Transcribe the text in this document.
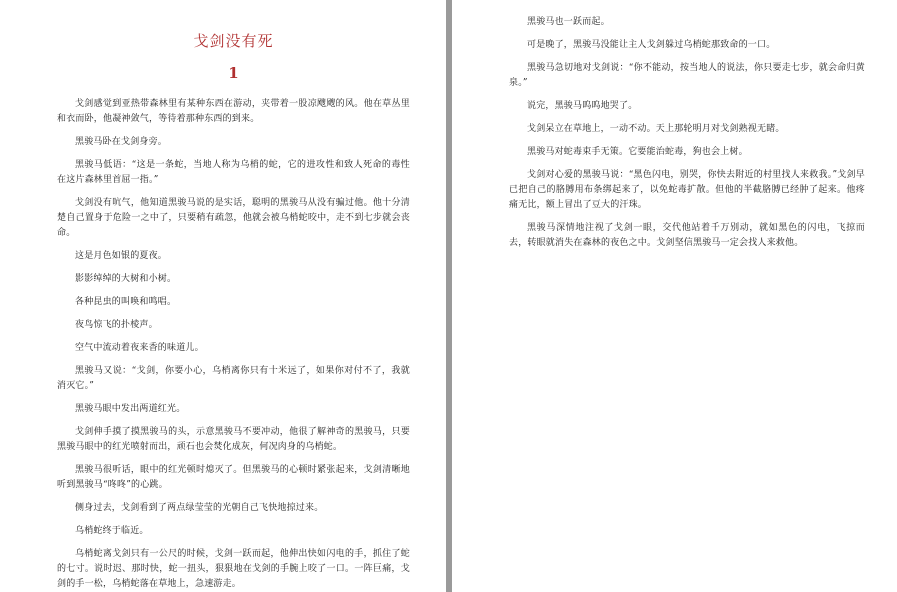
戈剑没有死
1

戈剑感觉到亚热带森林里有某种东西在游动，夹带着一股凉飕飕的风。他在草丛里和衣而卧，他凝神敛气，等待着那种东西的到来。

黑骏马卧在戈剑身旁。

黑骏马低语：“这是一条蛇，当地人称为乌梢的蛇，它的进攻性和致人死命的毒性在这片森林里首屈一指。”

戈剑没有吭气，他知道黑骏马说的是实话，聪明的黑骏马从没有骗过他。他十分清楚自己置身于危险一之中了，只要稍有疏忽，他就会被乌梢蛇咬中，走不到七步就会丧命。

这是月色如银的夏夜。

影影绰绰的大树和小树。

各种昆虫的叫唤和鸣唱。

夜鸟惊飞的扑棱声。

空气中流动着夜来香的味道儿。

黑骏马又说：“戈剑，你要小心，乌梢离你只有十米远了，如果你对付不了，我就消灭它。”

黑骏马眼中发出两道红光。

戈剑伸手摸了摸黑骏马的头，示意黑骏马不要冲动，他很了解神奇的黑骏马，只要黑骏马眼中的红光喷射而出，顽石也会焚化成灰，何况肉身的乌梢蛇。

黑骏马很听话，眼中的红光顿时熄灭了。但黑骏马的心顿时紧张起来，戈剑清晰地听到黑骏马“咚咚”的心跳。

侧身过去，戈剑看到了两点绿莹莹的光朝自己飞快地掠过来。

乌梢蛇终于临近。

乌梢蛇离戈剑只有一公尺的时候，戈剑一跃而起，他伸出快如闪电的手，抓住了蛇的七寸。说时迟、那时快，蛇一扭头，狠狠地在戈剑的手腕上咬了一口。一阵巨痛，戈剑的手一松，乌梢蛇落在草地上，急速游走。

黑骏马也一跃而起。

可是晚了，黑骏马没能让主人戈剑躲过乌梢蛇那致命的一口。

黑骏马急切地对戈剑说：“你不能动，按当地人的说法，你只要走七步，就会命归黄泉。”

说完，黑骏马呜呜地哭了。

戈剑呆立在草地上，一动不动。天上那轮明月对戈剑熟视无睹。

黑骏马对蛇毒束手无策。它要能治蛇毒，狗也会上树。

戈剑对心爱的黑骏马说：“黑色闪电，别哭，你快去附近的村里找人来救我。”戈剑早已把自己的胳膊用布条绑起来了，以免蛇毒扩散。但他的半截胳膊已经肿了起来。他疼痛无比，额上冒出了豆大的汗珠。

黑骏马深情地注视了戈剑一眼，交代他站着千万别动，就如黑色的闪电，飞掠而去，转眼就消失在森林的夜色之中。戈剑坚信黑骏马一定会找人来救他。
